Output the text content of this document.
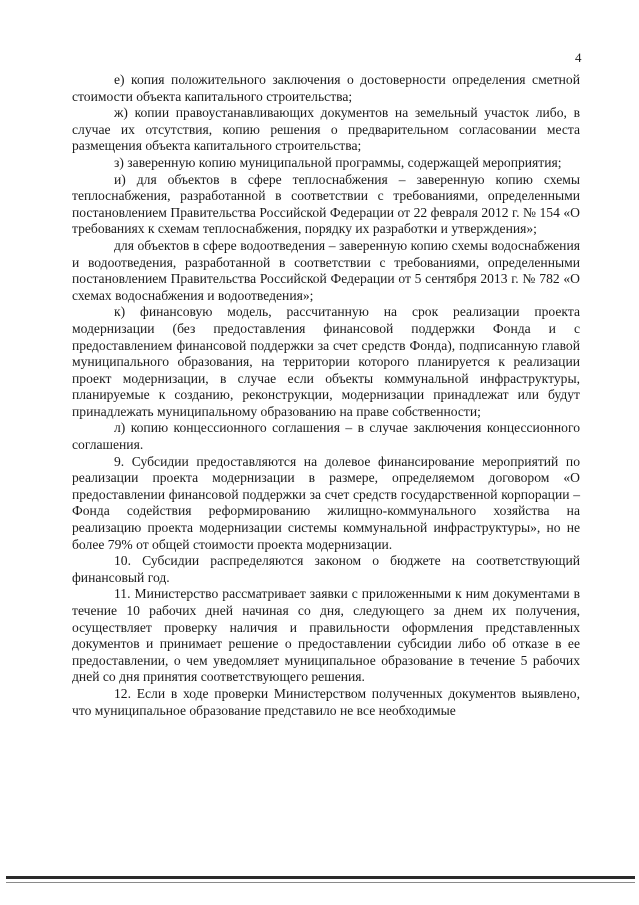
4

е) копия положительного заключения о достоверности определения сметной стоимости объекта капитального строительства;

ж) копии правоустанавливающих документов на земельный участок либо, в случае их отсутствия, копию решения о предварительном согласовании места размещения объекта капитального строительства;

з) заверенную копию муниципальной программы, содержащей мероприятия;

и) для объектов в сфере теплоснабжения – заверенную копию схемы теплоснабжения, разработанной в соответствии с требованиями, определенными постановлением Правительства Российской Федерации от 22 февраля 2012 г. № 154 «О требованиях к схемам теплоснабжения, порядку их разработки и утверждения»;

для объектов в сфере водоотведения – заверенную копию схемы водоснабжения и водоотведения, разработанной в соответствии с требованиями, определенными постановлением Правительства Российской Федерации от 5 сентября 2013 г. № 782 «О схемах водоснабжения и водоотведения»;

к) финансовую модель, рассчитанную на срок реализации проекта модернизации (без предоставления финансовой поддержки Фонда и с предоставлением финансовой поддержки за счет средств Фонда), подписанную главой муниципального образования, на территории которого планируется к реализации проект модернизации, в случае если объекты коммунальной инфраструктуры, планируемые к созданию, реконструкции, модернизации принадлежат или будут принадлежать муниципальному образованию на праве собственности;

л) копию концессионного соглашения – в случае заключения концессионного соглашения.

9. Субсидии предоставляются на долевое финансирование мероприятий по реализации проекта модернизации в размере, определяемом договором «О предоставлении финансовой поддержки за счет средств государственной корпорации – Фонда содействия реформированию жилищно-коммунального хозяйства на реализацию проекта модернизации системы коммунальной инфраструктуры», но не более 79% от общей стоимости проекта модернизации.

10. Субсидии распределяются законом о бюджете на соответствующий финансовый год.

11. Министерство рассматривает заявки с приложенными к ним документами в течение 10 рабочих дней начиная со дня, следующего за днем их получения, осуществляет проверку наличия и правильности оформления представленных документов и принимает решение о предоставлении субсидии либо об отказе в ее предоставлении, о чем уведомляет муниципальное образование в течение 5 рабочих дней со дня принятия соответствующего решения.

12. Если в ходе проверки Министерством полученных документов выявлено, что муниципальное образование представило не все необходимые
